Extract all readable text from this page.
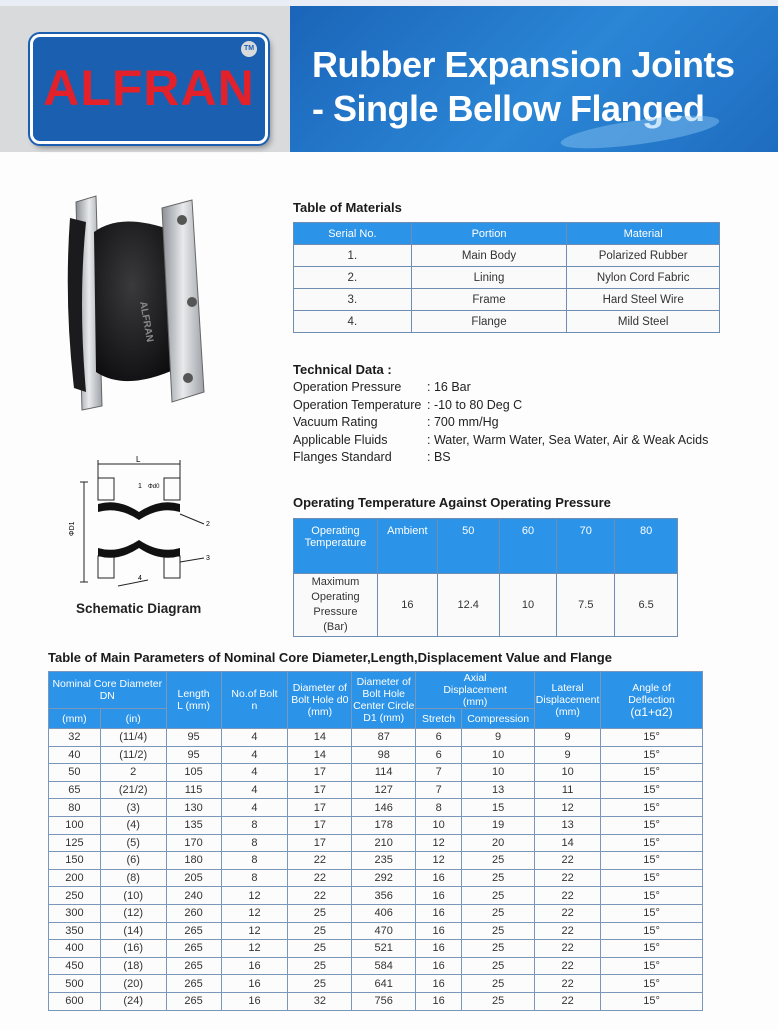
ALFRAN
TM Rubber Expansion Joints
- Single Bellow Flanged
ALFRAN
L
ΦD1
1 Φd0
2
3
4
Schematic Diagram
Table of Materials
Serial No.	Portion	Material
1.	Main Body	Polarized Rubber
2.	Lining	Nylon Cord Fabric
3.	Frame	Hard Steel Wire
4.	Flange	Mild Steel
Technical Data :
Operation Pressure	: 16 Bar
Operation Temperature : -10 to 80 Deg C
Vacuum Rating	: 700 mm/Hg
Applicable Fluids	: Water, Warm Water, Sea Water, Air & Weak Acids
Flanges Standard	: BS
Operating Temperature Against Operating Pressure
Operating Temperature	Ambient	50	60	70	80
Maximum Operating Pressure (Bar)	16	12.4	10	7.5	6.5
Table of Main Parameters of Nominal Core Diameter,Length,Displacement Value and Flange
Nominal Core Diameter DN		Length L (mm)	No.of Bolt n	Diameter of Bolt Hole d0 (mm)	Diameter of Bolt Hole Center Circle D1 (mm)	Axial Displacement (mm)		Lateral Displacement (mm)	Angle of Deflection
(α1+α2)
(mm)	(in)					Stretch	Compression		
32	(11/4)	95	4	14	87	6	9	9	15°
40	(11/2)	95	4	14	98	6	10	9	15°
50	2	105	4	17	114	7	10	10	15°
65	(21/2)	115	4	17	127	7	13	11	15°
80	(3)	130	4	17	146	8	15	12	15°
100	(4)	135	8	17	178	10	19	13	15°
125	(5)	170	8	17	210	12	20	14	15°
150	(6)	180	8	22	235	12	25	22	15°
200	(8)	205	8	22	292	16	25	22	15°
250	(10)	240	12	22	356	16	25	22	15°
300	(12)	260	12	25	406	16	25	22	15°
350	(14)	265	12	25	470	16	25	22	15°
400	(16)	265	12	25	521	16	25	22	15°
450	(18)	265	16	25	584	16	25	22	15°
500	(20)	265	16	25	641	16	25	22	15°
600	(24)	265	16	32	756	16	25	22	15°
